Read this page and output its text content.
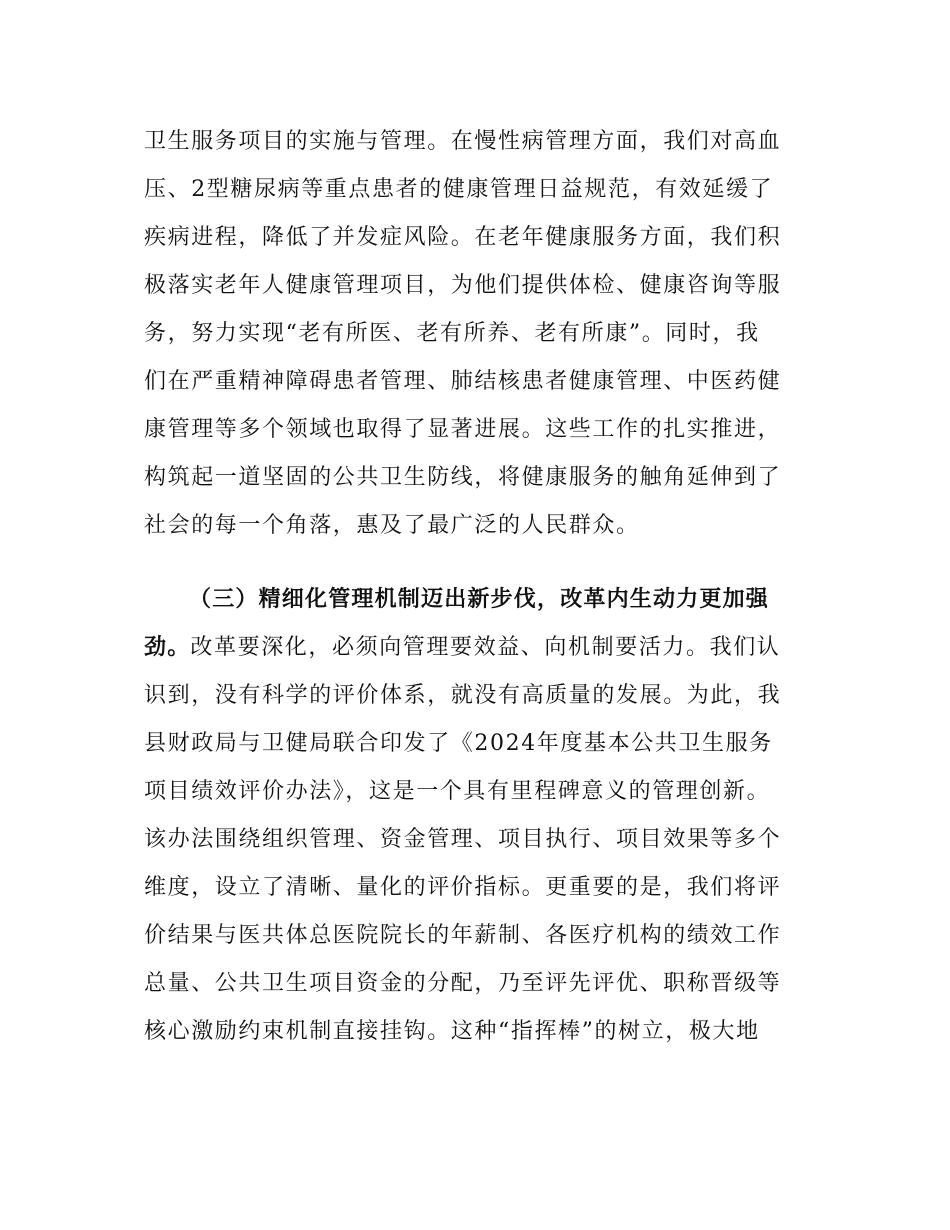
卫生服务项目的实施与管理。在慢性病管理方面，我们对高血
压、2型糖尿病等重点患者的健康管理日益规范，有效延缓了
疾病进程，降低了并发症风险。在老年健康服务方面，我们积
极落实老年人健康管理项目，为他们提供体检、健康咨询等服
务，努力实现“老有所医、老有所养、老有所康”。同时，我
们在严重精神障碍患者管理、肺结核患者健康管理、中医药健
康管理等多个领域也取得了显著进展。这些工作的扎实推进，
构筑起一道坚固的公共卫生防线，将健康服务的触角延伸到了
社会的每一个角落，惠及了最广泛的人民群众。
（三）精细化管理机制迈出新步伐，改革内生动力更加强
劲。改革要深化，必须向管理要效益、向机制要活力。我们认
识到，没有科学的评价体系，就没有高质量的发展。为此，我
县财政局与卫健局联合印发了《2024年度基本公共卫生服务
项目绩效评价办法》，这是一个具有里程碑意义的管理创新。
该办法围绕组织管理、资金管理、项目执行、项目效果等多个
维度，设立了清晰、量化的评价指标。更重要的是，我们将评
价结果与医共体总医院院长的年薪制、各医疗机构的绩效工作
总量、公共卫生项目资金的分配，乃至评先评优、职称晋级等
核心激励约束机制直接挂钩。这种“指挥棒”的树立，极大地
